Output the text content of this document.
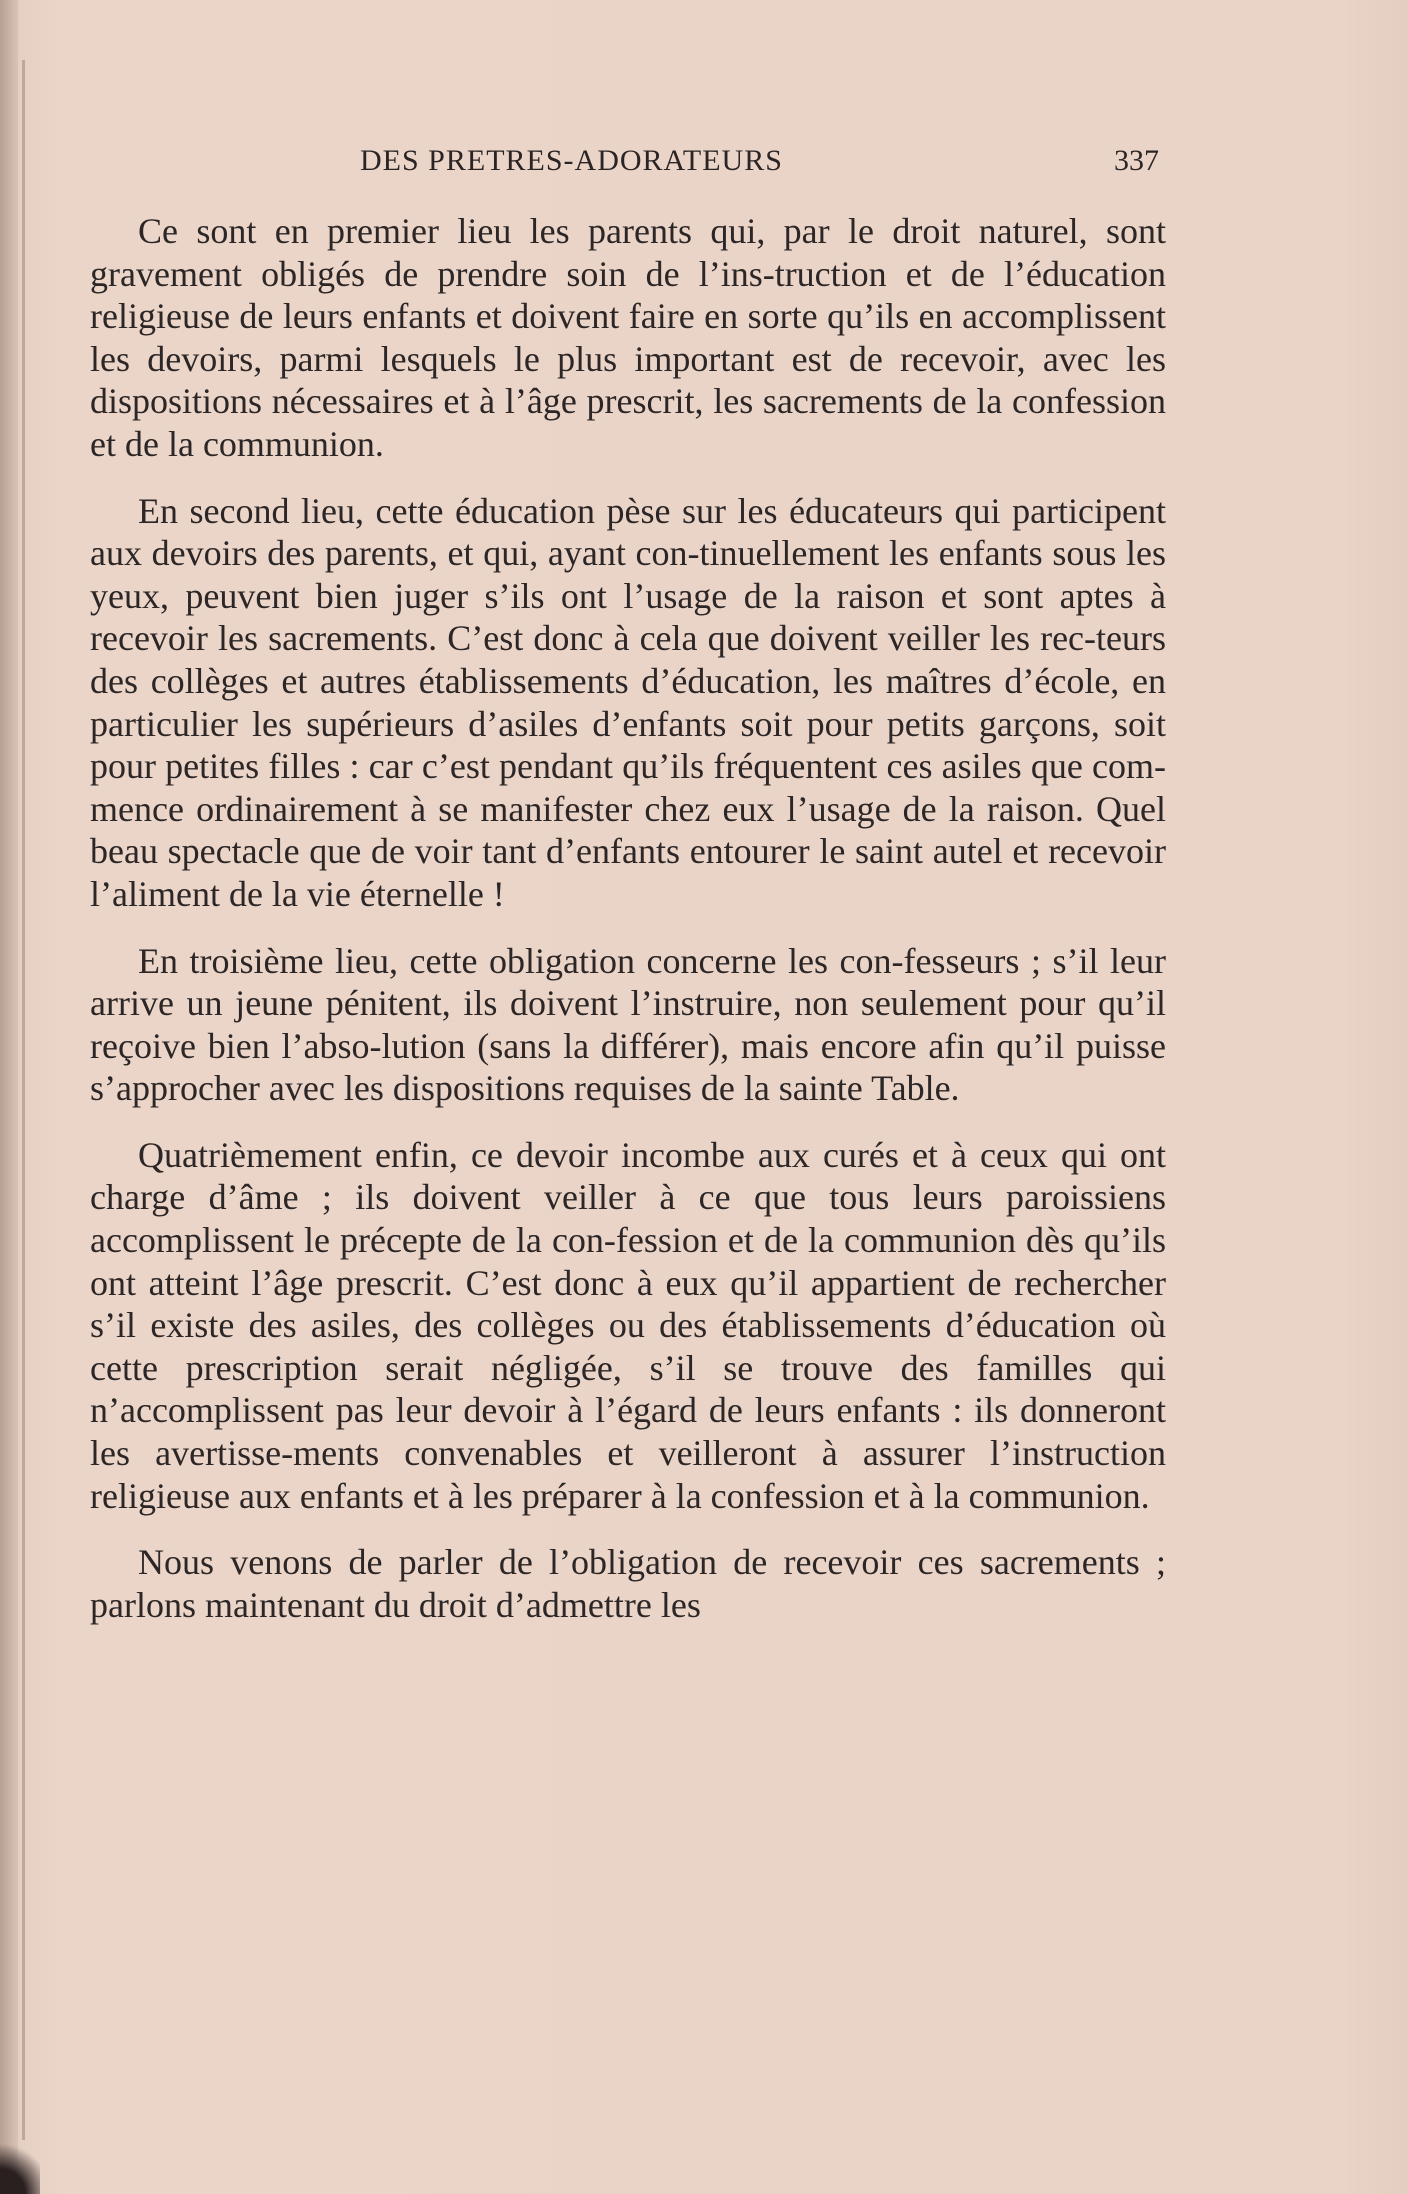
DES PRETRES-ADORATEURS	337

Ce sont en premier lieu les parents qui, par le droit naturel, sont gravement obligés de prendre soin de l’ins-truction et de l’éducation religieuse de leurs enfants et doivent faire en sorte qu’ils en accomplissent les devoirs, parmi lesquels le plus important est de recevoir, avec les dispositions nécessaires et à l’âge prescrit, les sacrements de la confession et de la communion.

En second lieu, cette éducation pèse sur les éducateurs qui participent aux devoirs des parents, et qui, ayant con-tinuellement les enfants sous les yeux, peuvent bien juger s’ils ont l’usage de la raison et sont aptes à recevoir les sacrements. C’est donc à cela que doivent veiller les rec-teurs des collèges et autres établissements d’éducation, les maîtres d’école, en particulier les supérieurs d’asiles d’enfants soit pour petits garçons, soit pour petites filles : car c’est pendant qu’ils fréquentent ces asiles que com-mence ordinairement à se manifester chez eux l’usage de la raison. Quel beau spectacle que de voir tant d’enfants entourer le saint autel et recevoir l’aliment de la vie éternelle !

En troisième lieu, cette obligation concerne les con-fesseurs ; s’il leur arrive un jeune pénitent, ils doivent l’instruire, non seulement pour qu’il reçoive bien l’abso-lution (sans la différer), mais encore afin qu’il puisse s’approcher avec les dispositions requises de la sainte Table.

Quatrièmement enfin, ce devoir incombe aux curés et à ceux qui ont charge d’âme ; ils doivent veiller à ce que tous leurs paroissiens accomplissent le précepte de la con-fession et de la communion dès qu’ils ont atteint l’âge prescrit. C’est donc à eux qu’il appartient de rechercher s’il existe des asiles, des collèges ou des établissements d’éducation où cette prescription serait négligée, s’il se trouve des familles qui n’accomplissent pas leur devoir à l’égard de leurs enfants : ils donneront les avertisse-ments convenables et veilleront à assurer l’instruction religieuse aux enfants et à les préparer à la confession et à la communion.

Nous venons de parler de l’obligation de recevoir ces sacrements ; parlons maintenant du droit d’admettre les
